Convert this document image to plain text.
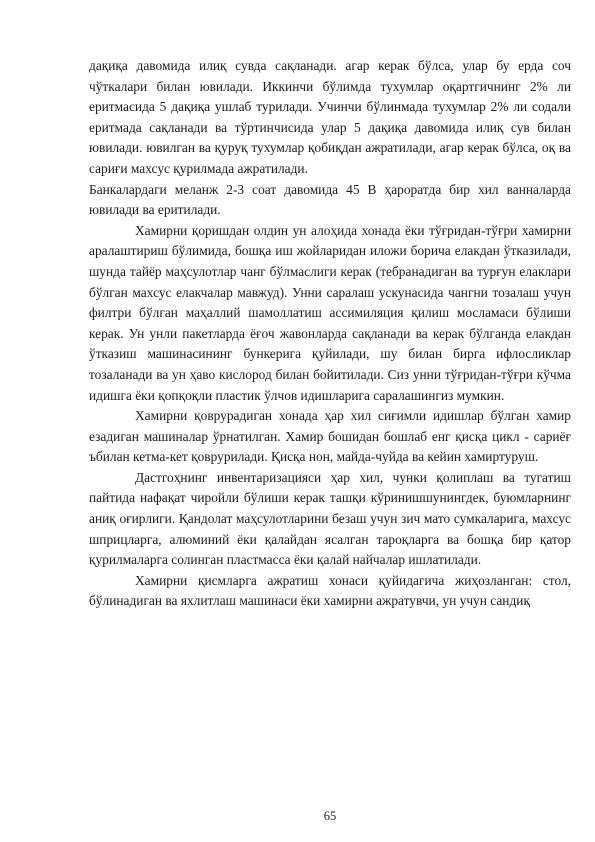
дақиқа давомида илиқ сувда сақланади. агар керак бўлса, улар бу ерда соч чўткалари билан ювилади. Иккинчи бўлимда тухумлар оқартгичнинг 2% ли еритмасида 5 дақиқа ушлаб турилади. Учинчи бўлинмада тухумлар 2% ли содали еритмада сақланади ва тўртинчисида улар 5 дақиқа давомида илиқ сув билан ювилади. ювилган ва қуруқ тухумлар қобиқдан ажратилади, агар керак бўлса, оқ ва сариғи махсус қурилмада ажратилади.

Банкалардаги меланж 2-3 соат давомида 45 B ҳароратда бир хил ванналарда ювилади ва еритилади.

Хамирни қоришдан олдин ун алоҳида хонада ёки тўғридан-тўғри хамирни аралаштириш бўлимида, бошқа иш жойларидан иложи борича елакдан ўтказилади, шунда тайёр маҳсулотлар чанг бўлмаслиги керак (тебранадиган ва турғун елаклари бўлган махсус елакчалар мавжуд). Унни саралаш ускунасида чангни тозалаш учун филтри бўлган маҳаллий шамоллатиш ассимиляция қилиш мосламаси бўлиши керак. Ун унли пакетларда ёғоч жавонларда сақланади ва керак бўлганда елакдан ўтказиш машинасининг бункерига қуйилади, шу билан бирга ифлосликлар тозаланади ва ун ҳаво кислород билан бойитилади. Сиз унни тўғридан-тўғри кўчма идишга ёки қопқоқли пластик ўлчов идишларига саралашингиз мумкин.

Хамирни қоврурадиган хонада ҳар хил сиғимли идишлар бўлган хамир езадиган машиналар ўрнатилган. Хамир бошидан бошлаб енг қисқа цикл - сариёғ ъбилан кетма-кет қоврурилади. Қисқа нон, майда-чуйда ва кейин хамиртуруш.

Дастгоҳнинг инвентаризацияси ҳар хил, чунки қолиплаш ва тугатиш пайтида нафақат чиройли бўлиши керак ташқи кўринишшунингдек, буюмларнинг аниқ оғирлиги. Қандолат маҳсулотларини безаш учун зич мато сумкаларига, махсус шприцларга, алюминий ёки қалайдан ясалган тароқларга ва бошқа бир қатор қурилмаларга солинган пластмасса ёки қалай найчалар ишлатилади.

Хамирни қисмларга ажратиш хонаси қуйидагича жиҳозланган: стол, бўлинадиган ва яхлитлаш машинаси ёки хамирни ажратувчи, ун учун сандиқ

65
